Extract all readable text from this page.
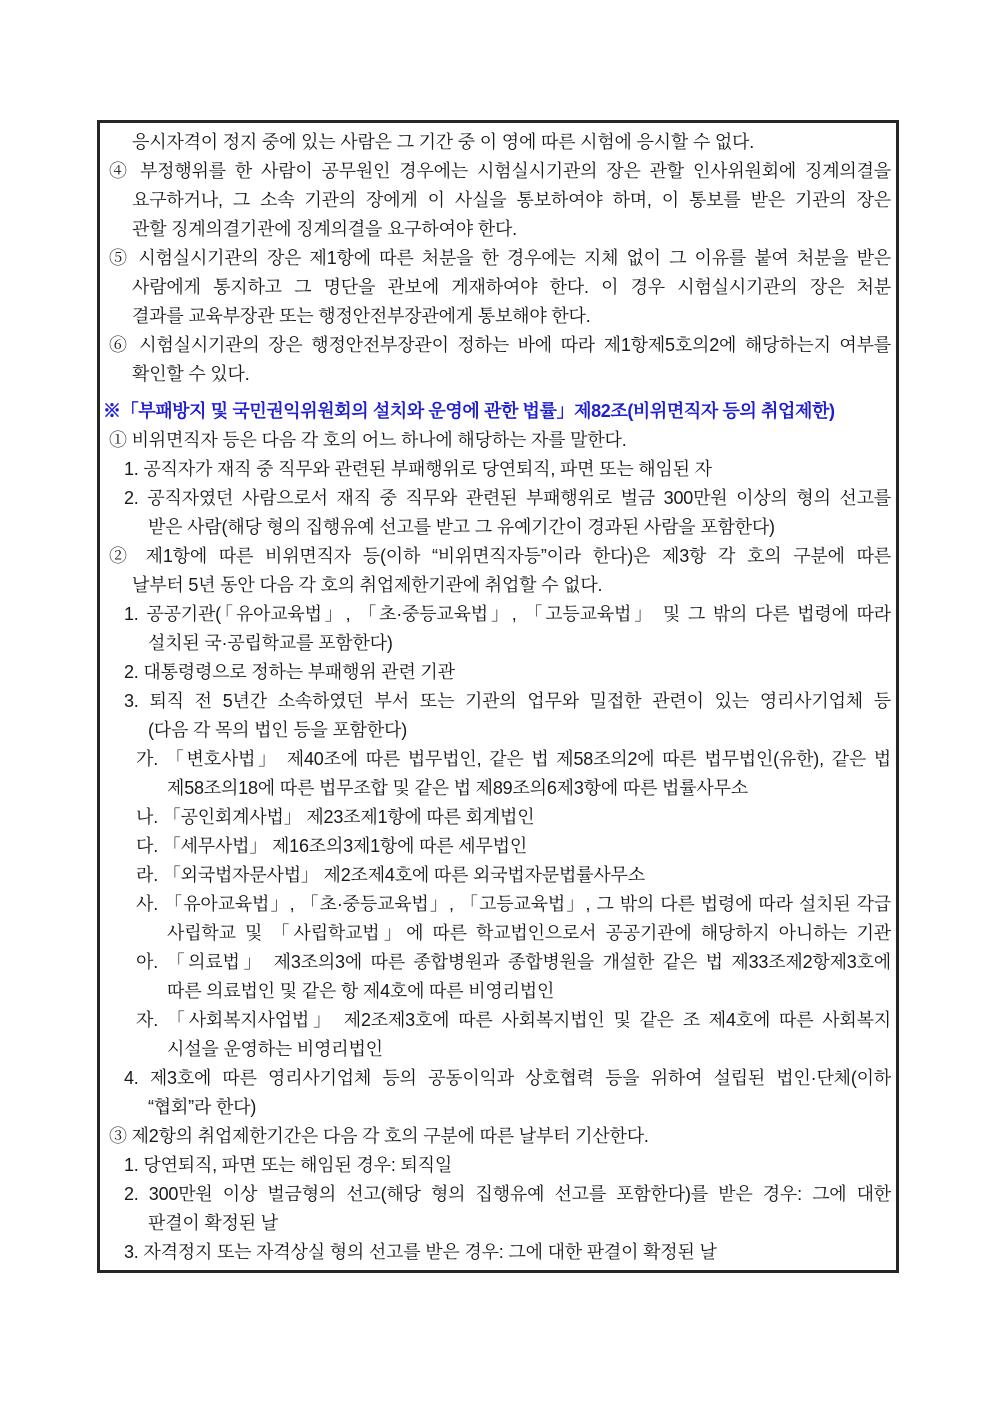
응시자격이 정지 중에 있는 사람은 그 기간 중 이 영에 따른 시험에 응시할 수 없다.
④ 부정행위를 한 사람이 공무원인 경우에는 시험실시기관의 장은 관할 인사위원회에 징계의결을
요구하거나, 그 소속 기관의 장에게 이 사실을 통보하여야 하며, 이 통보를 받은 기관의 장은
관할 징계의결기관에 징계의결을 요구하여야 한다.
⑤ 시험실시기관의 장은 제1항에 따른 처분을 한 경우에는 지체 없이 그 이유를 붙여 처분을 받은
사람에게 통지하고 그 명단을 관보에 게재하여야 한다. 이 경우 시험실시기관의 장은 처분
결과를 교육부장관 또는 행정안전부장관에게 통보해야 한다.
⑥ 시험실시기관의 장은 행정안전부장관이 정하는 바에 따라 제1항제5호의2에 해당하는지 여부를
확인할 수 있다.
※「부패방지 및 국민권익위원회의 설치와 운영에 관한 법률」제82조(비위면직자 등의 취업제한)
① 비위면직자 등은 다음 각 호의 어느 하나에 해당하는 자를 말한다.
1. 공직자가 재직 중 직무와 관련된 부패행위로 당연퇴직, 파면 또는 해임된 자
2. 공직자였던 사람으로서 재직 중 직무와 관련된 부패행위로 벌금 300만원 이상의 형의 선고를
받은 사람(해당 형의 집행유예 선고를 받고 그 유예기간이 경과된 사람을 포함한다)
② 제1항에 따른 비위면직자 등(이하 “비위면직자등”이라 한다)은 제3항 각 호의 구분에 따른
날부터 5년 동안 다음 각 호의 취업제한기관에 취업할 수 없다.
1. 공공기관(「유아교육법」, 「초·중등교육법」, 「고등교육법」 및 그 밖의 다른 법령에 따라
설치된 국·공립학교를 포함한다)
2. 대통령령으로 정하는 부패행위 관련 기관
3. 퇴직 전 5년간 소속하였던 부서 또는 기관의 업무와 밀접한 관련이 있는 영리사기업체 등
(다음 각 목의 법인 등을 포함한다)
가. 「변호사법」 제40조에 따른 법무법인, 같은 법 제58조의2에 따른 법무법인(유한), 같은 법
제58조의18에 따른 법무조합 및 같은 법 제89조의6제3항에 따른 법률사무소
나. 「공인회계사법」 제23조제1항에 따른 회계법인
다. 「세무사법」 제16조의3제1항에 따른 세무법인
라. 「외국법자문사법」 제2조제4호에 따른 외국법자문법률사무소
사. 「유아교육법」, 「초·중등교육법」, 「고등교육법」, 그 밖의 다른 법령에 따라 설치된 각급
사립학교 및 「사립학교법」에 따른 학교법인으로서 공공기관에 해당하지 아니하는 기관
아. 「의료법」 제3조의3에 따른 종합병원과 종합병원을 개설한 같은 법 제33조제2항제3호에
따른 의료법인 및 같은 항 제4호에 따른 비영리법인
자. 「사회복지사업법」 제2조제3호에 따른 사회복지법인 및 같은 조 제4호에 따른 사회복지
시설을 운영하는 비영리법인
4. 제3호에 따른 영리사기업체 등의 공동이익과 상호협력 등을 위하여 설립된 법인·단체(이하
“협회”라 한다)
③ 제2항의 취업제한기간은 다음 각 호의 구분에 따른 날부터 기산한다.
1. 당연퇴직, 파면 또는 해임된 경우: 퇴직일
2. 300만원 이상 벌금형의 선고(해당 형의 집행유예 선고를 포함한다)를 받은 경우: 그에 대한
판결이 확정된 날
3. 자격정지 또는 자격상실 형의 선고를 받은 경우: 그에 대한 판결이 확정된 날
